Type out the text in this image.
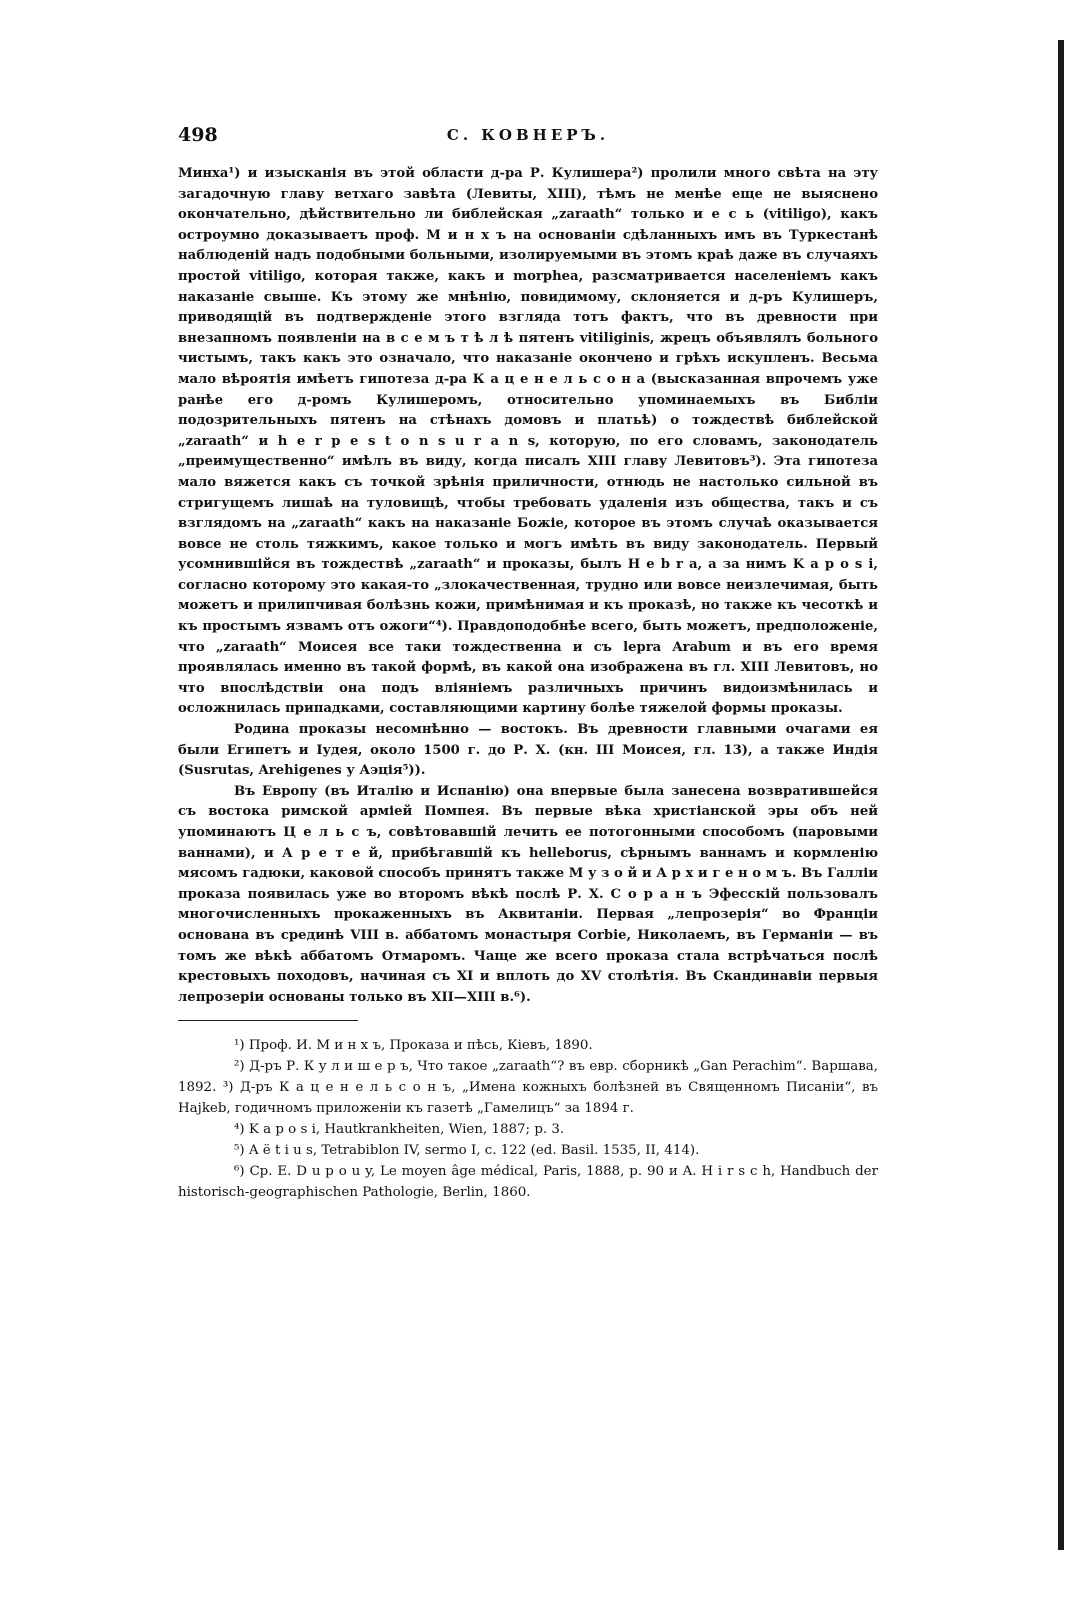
498	С. КОВНЕРЪ.

Минха¹) и изысканія въ этой области д-ра Р. Кулишера²) пролили много свѣта на эту загадочную главу ветхаго завѣта (Левиты, XIII), тѣмъ не менѣе еще не выяснено окончательно, дѣйствительно ли библейская „zaraath“ только и е с ь (vitiligo), какъ остроумно доказываетъ проф. М и н х ъ на основаніи сдѣланныхъ имъ въ Туркестанѣ наблюденій надъ подобными больными, изолируемыми въ этомъ краѣ даже въ случаяхъ простой vitiligo, которая также, какъ и morphea, разсматривается населеніемъ какъ наказаніе свыше. Къ этому же мнѣнію, повидимому, склоняется и д-ръ Кулишеръ, приводящій въ подтвержденіе этого взгляда тотъ фактъ, что въ древности при внезапномъ появленіи на в с е м ъ т ѣ л ѣ пятенъ vitiliginis, жрецъ объявлялъ больного чистымъ, такъ какъ это означало, что наказаніе окончено и грѣхъ искупленъ. Весьма мало вѣроятія имѣетъ гипотеза д-ра К а ц е н е л ь с о н а (высказанная впрочемъ уже ранѣе его д-ромъ Кулишеромъ, относительно упоминаемыхъ въ Библіи подозрительныхъ пятенъ на стѣнахъ домовъ и платьѣ) о тождествѣ библейской „zaraath“ и h e r p e s t o n s u r a n s, которую, по его словамъ, законодатель „преимущественно“ имѣлъ въ виду, когда писалъ XIII главу Левитовъ³). Эта гипотеза мало вяжется какъ съ точкой зрѣнія приличности, отнюдь не настолько сильной въ стригущемъ лишаѣ на туловищѣ, чтобы требовать удаленія изъ общества, такъ и съ взглядомъ на „zaraath“ какъ на наказаніе Божіе, которое въ этомъ случаѣ оказывается вовсе не столь тяжкимъ, какое только и могъ имѣть въ виду законодатель. Первый усомнившійся въ тождествѣ „zaraath“ и проказы, былъ H e b r a, а за нимъ K a p o s i, согласно которому это какая-то „злокачественная, трудно или вовсе неизлечимая, быть можетъ и прилипчивая болѣзнь кожи, примѣнимая и къ проказѣ, но также къ чесоткѣ и къ простымъ язвамъ отъ ожоги“⁴). Правдоподобнѣе всего, быть можетъ, предположеніе, что „zaraath“ Моисея все таки тождественна и съ lepra Arabum и въ его время проявлялась именно въ такой формѣ, въ какой она изображена въ гл. XIII Левитовъ, но что впослѣдствіи она подъ вліяніемъ различныхъ причинъ видоизмѣнилась и осложнилась припадками, составляющими картину болѣе тяжелой формы проказы.

Родина проказы несомнѣнно — востокъ. Въ древности главными очагами ея были Египетъ и Іудея, около 1500 г. до Р. Х. (кн. III Моисея, гл. 13), а также Индія (Susrutas, Arehigenes у Аэція⁵)).

Въ Европу (въ Италію и Испанію) она впервые была занесена возвратившейся съ востока римской арміей Помпея. Въ первые вѣка христіанской эры объ ней упоминаютъ Ц е л ь с ъ, совѣтовавшій лечить ее потогонными способомъ (паровыми ваннами), и А р е т е й, прибѣгавшій къ helleborus, сѣрнымъ ваннамъ и кормленію мясомъ гадюки, каковой способъ принятъ также М у з о й и А р х и г е н о м ъ. Въ Галліи проказа появилась уже во второмъ вѣкѣ послѣ Р. Х. С о р а н ъ Эфесскій пользовалъ многочисленныхъ прокаженныхъ въ Аквитаніи. Первая „лепрозерія“ во Франціи основана въ срединѣ VIII в. аббатомъ монастыря Corbie, Николаемъ, въ Германіи — въ томъ же вѣкѣ аббатомъ Отмаромъ. Чаще же всего проказа стала встрѣчаться послѣ крестовыхъ походовъ, начиная съ XI и вплоть до XV столѣтія. Въ Скандинавіи первыя лепрозеріи основаны только въ XII—XIII в.⁶).

¹) Проф. И. М и н х ъ, Проказа и пѣсь, Кіевъ, 1890.

²) Д-ръ Р. К у л и ш е р ъ, Что такое „zaraath“? въ евр. сборникѣ „Gan Perachim“. Варшава, 1892. ³) Д-ръ К а ц е н е л ь с о н ъ, „Имена кожныхъ болѣзней въ Священномъ Писаніи“, въ Hajkeb, годичномъ приложеніи къ газетѣ „Гамелицъ“ за 1894 г.

⁴) K a p o s i, Hautkrankheiten, Wien, 1887; p. 3.

⁵) A ë t i u s, Tetrabiblon IV, sermo I, c. 122 (ed. Basil. 1535, II, 414).

⁶) Cp. E. D u p o u y, Le moyen âge médical, Paris, 1888, p. 90 и A. H i r s c h, Handbuch der historisch-geographischen Pathologie, Berlin, 1860.
